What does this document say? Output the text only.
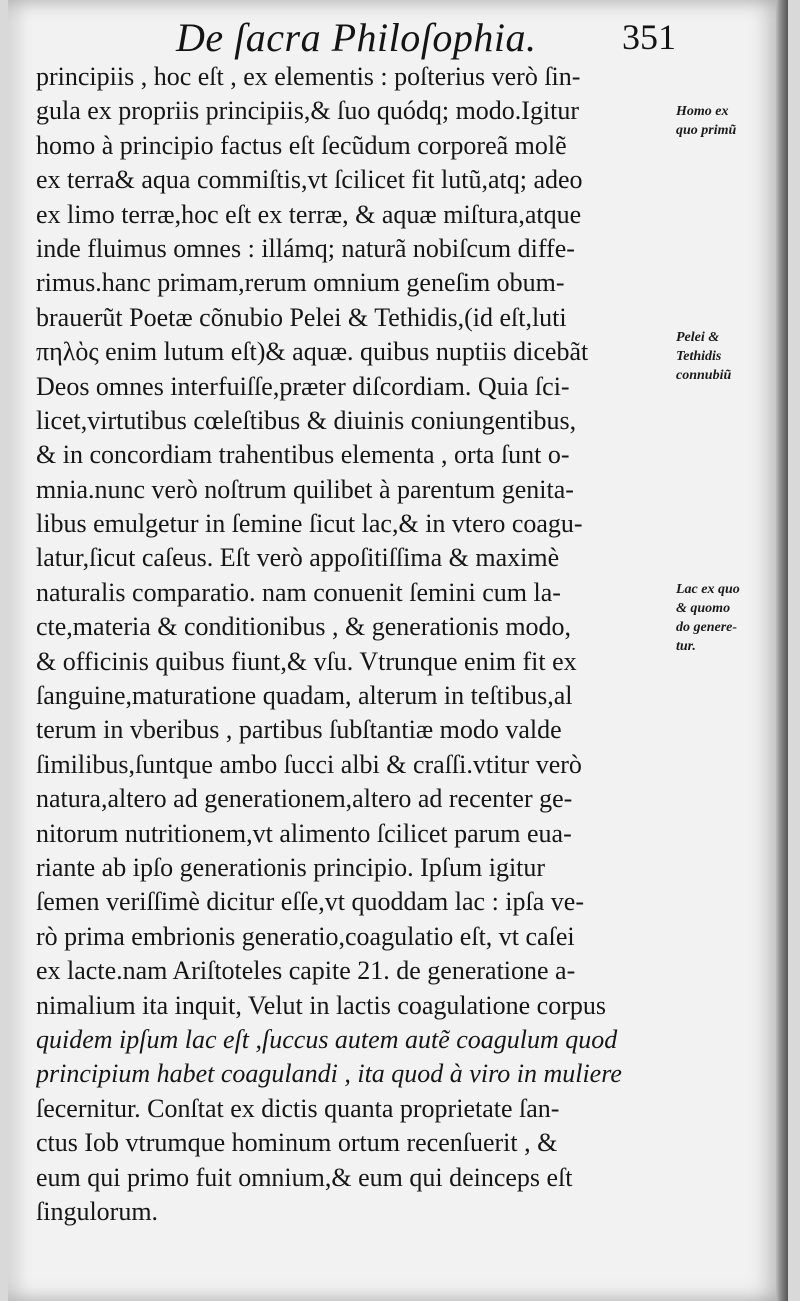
De ſacra Philoſophia. 351
principiis , hoc eſt , ex elementis : poſterius verò ſin-
gula ex propriis principiis,& ſuo quódq; modo.Igitur
homo à principio factus eſt ſecũdum corporeã molẽ
ex terra& aqua commiſtis,vt ſcilicet fit lutũ,atq; adeo
ex limo terræ,hoc eſt ex terræ, & aquæ miſtura,atque
inde fluimus omnes : illámq; naturã nobiſcum diffe-
rimus.hanc primam,rerum omnium geneſim obum-
brauerũt Poetæ cõnubio Pelei & Tethidis,(id eſt,luti
πηλὸς enim lutum eſt)& aquæ. quibus nuptiis dicebãt
Deos omnes interfuiſſe,præter diſcordiam. Quia ſci-
licet,virtutibus cœleſtibus & diuinis coniungentibus,
& in concordiam trahentibus elementa , orta ſunt o-
mnia.nunc verò noſtrum quilibet à parentum genita-
libus emulgetur in ſemine ſicut lac,& in vtero coagu-
latur,ſicut caſeus. Eſt verò appoſitiſſima & maximè
naturalis comparatio. nam conuenit ſemini cum la-
cte,materia & conditionibus , & generationis modo,
& officinis quibus fiunt,& vſu. Vtrunque enim fit ex
ſanguine,maturatione quadam, alterum in teſtibus,al
terum in vberibus , partibus ſubſtantiæ modo valde
ſimilibus,ſuntque ambo ſucci albi & craſſi.vtitur verò
natura,altero ad generationem,altero ad recenter ge-
nitorum nutritionem,vt alimento ſcilicet parum eua-
riante ab ipſo generationis principio. Ipſum igitur
ſemen veriſſimè dicitur eſſe,vt quoddam lac : ipſa ve-
rò prima embrionis generatio,coagulatio eſt, vt caſei
ex lacte.nam Ariſtoteles capite 21. de generatione a-
nimalium ita inquit, Velut in lactis coagulatione corpus
quidem ipſum lac eſt ,ſuccus autem autẽ coagulum quod
principium habet coagulandi , ita quod à viro in muliere
ſecernitur. Conſtat ex dictis quanta proprietate ſan-
ctus Iob vtrumque hominum ortum recenſuerit , &
eum qui primo fuit omnium,& eum qui deinceps eſt
ſingulorum.
Homo ex
quo primũ
Pelei &
Tethidis
connubiũ
Lac ex quo
& quomo
do genere-
tur.
